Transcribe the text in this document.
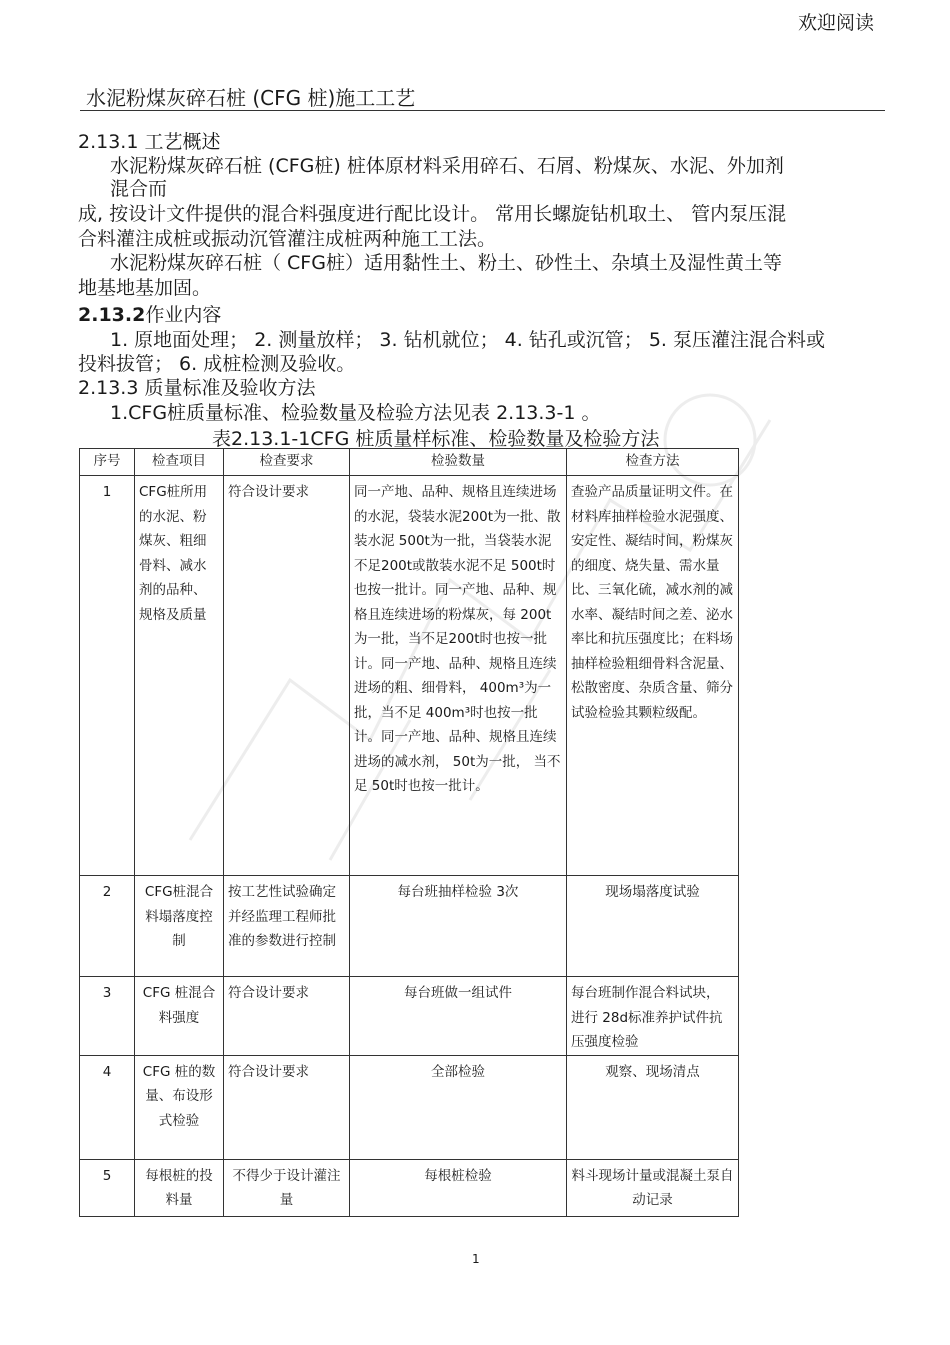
欢迎阅读
水泥粉煤灰碎石桩 (CFG 桩)施工工艺
2.13.1 工艺概述
水泥粉煤灰碎石桩 (CFG桩) 桩体原材料采用碎石、石屑、粉煤灰、水泥、外加剂
混合而
成, 按设计文件提供的混合料强度进行配比设计。 常用长螺旋钻机取土、 管内泵压混
合料灌注成桩或振动沉管灌注成桩两种施工工法。
水泥粉煤灰碎石桩（ CFG桩）适用黏性土、粉土、砂性土、杂填土及湿性黄土等
地基地基加固。
2.13.2作业内容
1. 原地面处理； 2. 测量放样； 3. 钻机就位； 4. 钻孔或沉管； 5. 泵压灌注混合料或
投料拔管； 6. 成桩检测及验收。
2.13.3 质量标准及验收方法
1.CFG桩质量标准、检验数量及检验方法见表 2.13.3-1 。
表2.13.1-1CFG 桩质量样标准、检验数量及检验方法
序号	检查项目	检查要求	检验数量	检查方法
1	CFG桩所用的水泥、粉煤灰、粗细骨料、减水剂的品种、规格及质量	符合设计要求	同一产地、品种、规格且连续进场的水泥，袋装水泥200t为一批、散装水泥 500t为一批，当袋装水泥不足200t或散装水泥不足 500t时也按一批计。同一产地、品种、规格且连续进场的粉煤灰，每 200t为一批，当不足200t时也按一批计。同一产地、品种、规格且连续进场的粗、细骨料， 400m³为一批，当不足 400m³时也按一批计。同一产地、品种、规格且连续进场的减水剂， 50t为一批， 当不足 50t时也按一批计。	查验产品质量证明文件。在材料库抽样检验水泥强度、安定性、凝结时间，粉煤灰的细度、烧失量、需水量比、三氧化硫，减水剂的减水率、凝结时间之差、泌水率比和抗压强度比；在料场抽样检验粗细骨料含泥量、松散密度、杂质含量、筛分试验检验其颗粒级配。
2	CFG桩混合料塌落度控制	按工艺性试验确定并经监理工程师批准的参数进行控制	每台班抽样检验 3次	现场塌落度试验
3	CFG 桩混合料强度	符合设计要求	每台班做一组试件	每台班制作混合料试块， 进行 28d标准养护试件抗压强度检验
4	CFG 桩的数量、布设形式检验	符合设计要求	全部检验	观察、现场清点
5	每根桩的投料量	不得少于设计灌注量	每根桩检验	料斗现场计量或混凝土泵自动记录
1
